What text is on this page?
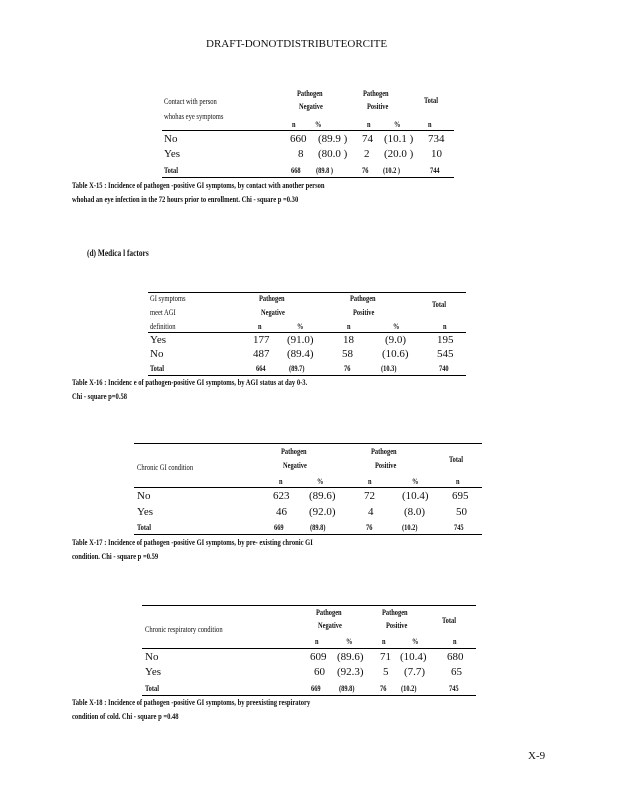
DRAFT-DONOTDISTRIBUTEORCITE
Contact with person
whohas eye symptoms
Pathogen
Negative
Pathogen
Positive
Total
n %	n	%	n
No	660 (89.9 ) 74 (10.1 ) 734
Yes	8 (80.0 ) 2 (20.0 ) 10
Total	668 (89.8 )	76 (10.2 )	744
Table X-15 : Incidence of pathogen -positive GI symptoms, by contact with another person
whohad an eye infection in the 72 hours prior to enrollment. Chi - square p =0.30
(d) Medica l factors
GI symptoms
meet AGI
definition
Pathogen
Negative
Pathogen
Positive
Total
n	%	n	%	n
Yes	177 (91.0)	18	(9.0)	195
No	487 (89.4)	58	(10.6)	545
Total	664	(89.7)	76	(10.3)	740
Table X-16 : Incidenc e of pathogen-positive GI symptoms, by AGI status at day 0-3.
Chi - square p=0.58
Chronic GI condition
Pathogen
Negative
Pathogen
Positive
Total
n	%	n	%	n
No	623 (89.6)	72 (10.4) 695
Yes	46 (92.0)	4	(8.0)	50
Total	669	(89.8)	76	(10.2)	745
Table X-17 : Incidence of pathogen -positive GI symptoms, by pre- existing chronic GI
condition. Chi - square p =0.59
Chronic respiratory condition
Pathogen
Negative
Pathogen
Positive
Total
n	%	n	%	n
No	609 (89.6) 71 (10.4) 680
Yes	60 (92.3) 5 (7.7) 65
Total	669 (89.8)	76 (10.2)	745
Table X-18 : Incidence of pathogen -positive GI symptoms, by preexisting respiratory
condition of cold. Chi - square p =0.48
X-9
